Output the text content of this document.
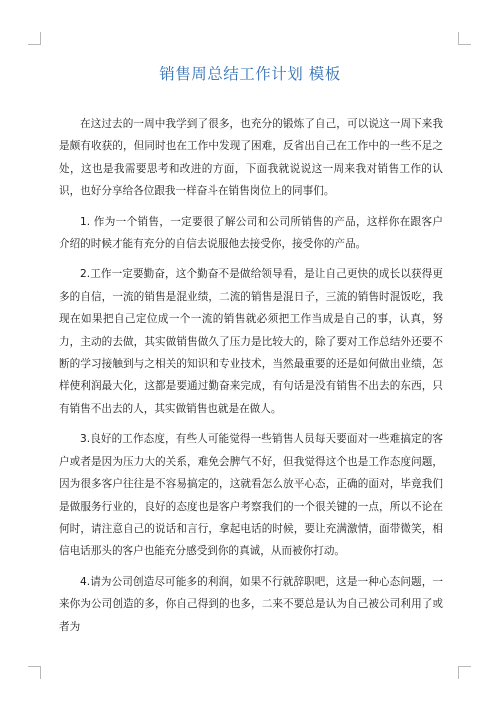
销售周总结工作计划 模板

在这过去的一周中我学到了很多，也充分的锻炼了自己，可以说这一周下来我是颇有收获的，但同时也在工作中发现了困难，反省出自己在工作中的一些不足之处，这也是我需要思考和改进的方面，下面我就说说这一周来我对销售工作的认识，也好分享给各位跟我一样奋斗在销售岗位上的同事们。

1. 作为一个销售，一定要很了解公司和公司所销售的产品，这样你在跟客户介绍的时候才能有充分的自信去说服他去接受你，接受你的产品。

2.工作一定要勤奋，这个勤奋不是做给领导看，是让自己更快的成长以获得更多的自信，一流的销售是混业绩，二流的销售是混日子，三流的销售时混饭吃，我现在如果把自己定位成一个一流的销售就必须把工作当成是自己的事，认真，努力，主动的去做，其实做销售做久了压力是比较大的，除了要对工作总结外还要不断的学习接触到与之相关的知识和专业技术，当然最重要的还是如何做出业绩，怎样使利润最大化，这都是要通过勤奋来完成，有句话是没有销售不出去的东西，只有销售不出去的人，其实做销售也就是在做人。

3.良好的工作态度，有些人可能觉得一些销售人员每天要面对一些难搞定的客户或者是因为压力大的关系，难免会脾气不好，但我觉得这个也是工作态度问题，因为很多客户往往是不容易搞定的，这就看怎么放平心态，正确的面对，毕竟我们是做服务行业的，良好的态度也是客户考察我们的一个很关键的一点，所以不论在何时，请注意自己的说话和言行，拿起电话的时候，要让充满激情，面带微笑，相信电话那头的客户也能充分感受到你的真诚，从而被你打动。

4.请为公司创造尽可能多的利润，如果不行就辞职吧，这是一种心态问题，一来你为公司创造的多，你自己得到的也多，二来不要总是认为自己被公司利用了或者为
